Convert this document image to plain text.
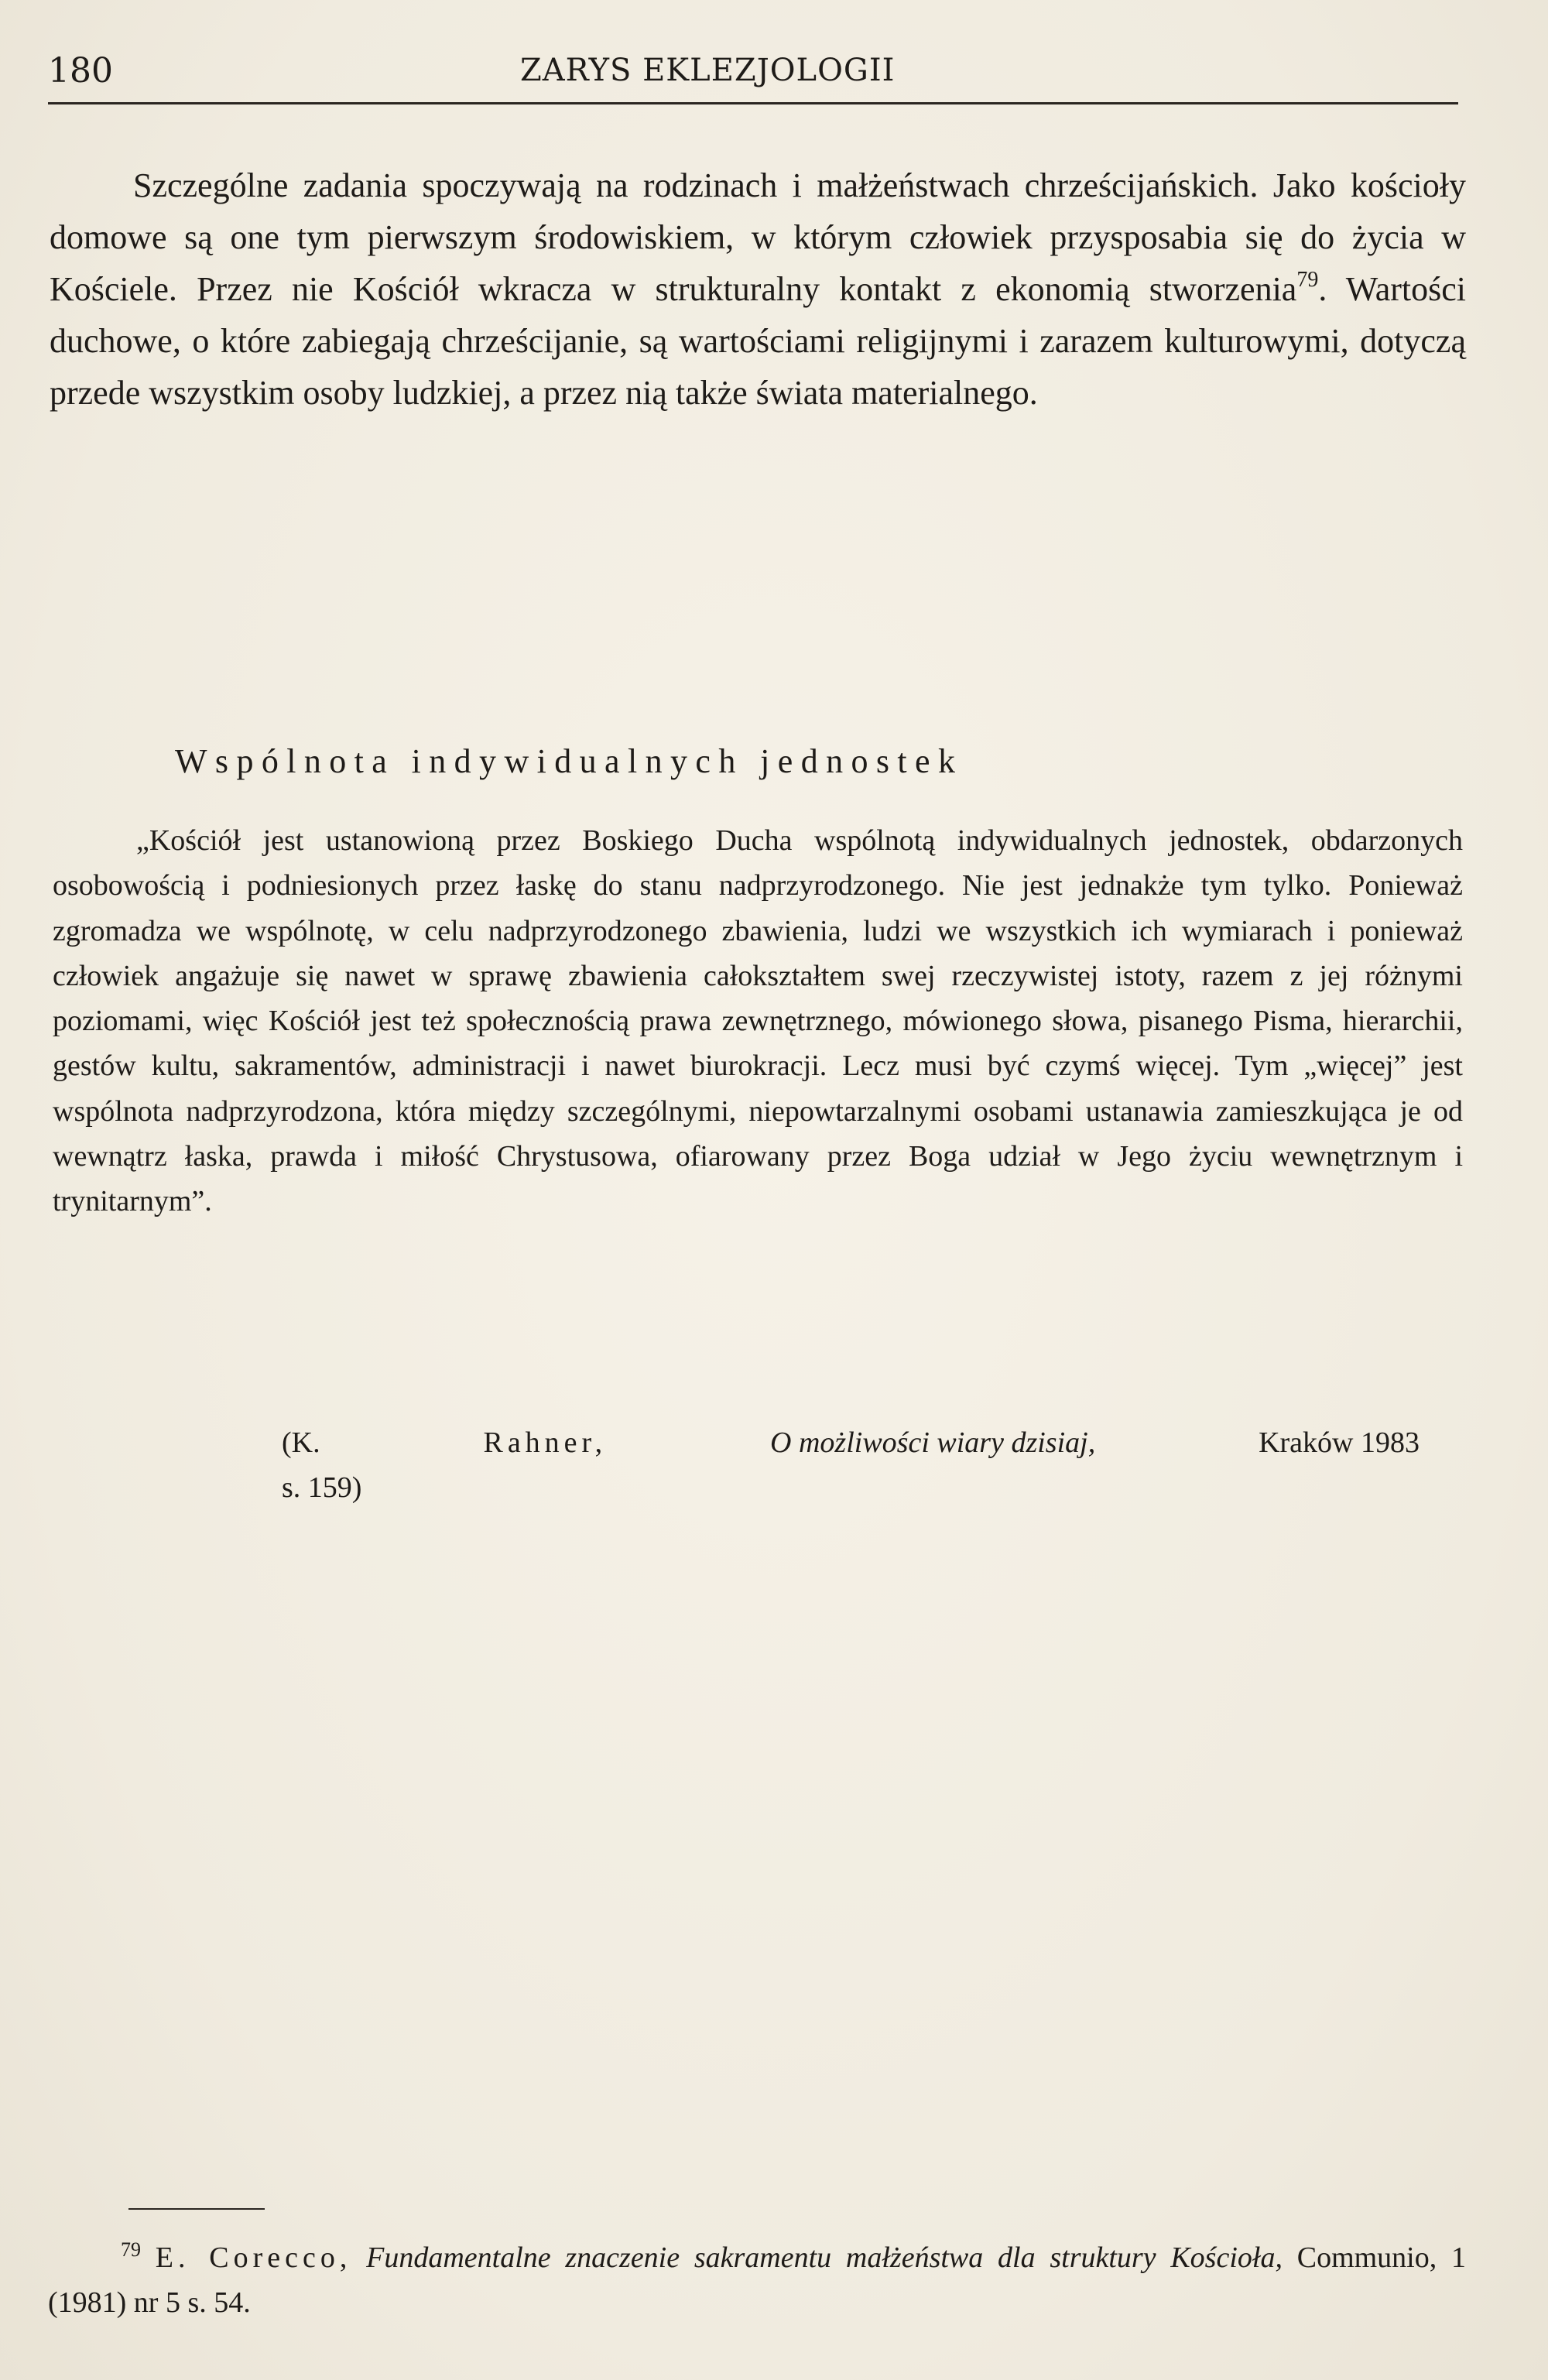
180	ZARYS EKLEZJOLOGII

Szczególne zadania spoczywają na rodzinach i małżeństwach chrześcijańskich. Jako kościoły domowe są one tym pierwszym środowiskiem, w którym człowiek przysposabia się do życia w Kościele. Przez nie Kościół wkracza w strukturalny kontakt z ekonomią stworzenia$^{79}$. Wartości duchowe, o które zabiegają chrześcijanie, są wartościami religijnymi i zarazem kulturowymi, dotyczą przede wszystkim osoby ludzkiej, a przez nią także świata materialnego.

Wspólnota indywidualnych jednostek

„Kościół jest ustanowioną przez Boskiego Ducha wspólnotą indywidualnych jednostek, obdarzonych osobowością i podniesionych przez łaskę do stanu nadprzyrodzonego. Nie jest jednakże tym tylko. Ponieważ zgromadza we wspólnotę, w celu nadprzyrodzonego zbawienia, ludzi we wszystkich ich wymiarach i ponieważ człowiek angażuje się nawet w sprawę zbawienia całokształtem swej rzeczywistej istoty, razem z jej różnymi poziomami, więc Kościół jest też społecznością prawa zewnętrznego, mówionego słowa, pisanego Pisma, hierarchii, gestów kultu, sakramentów, administracji i nawet biurokracji. Lecz musi być czymś więcej. Tym „więcej” jest wspólnota nadprzyrodzona, która między szczególnymi, niepowtarzalnymi osobami ustanawia zamieszkująca je od wewnątrz łaska, prawda i miłość Chrystusowa, ofiarowany przez Boga udział w Jego życiu wewnętrznym i trynitarnym”.

(K.	Rahner,	O możliwości wiary dzisiaj,	Kraków 1983
s. 159)

$^{79}$ E. Corecco, Fundamentalne znaczenie sakramentu małżeństwa dla struktury Kościoła, Communio, 1 (1981) nr 5 s. 54.
